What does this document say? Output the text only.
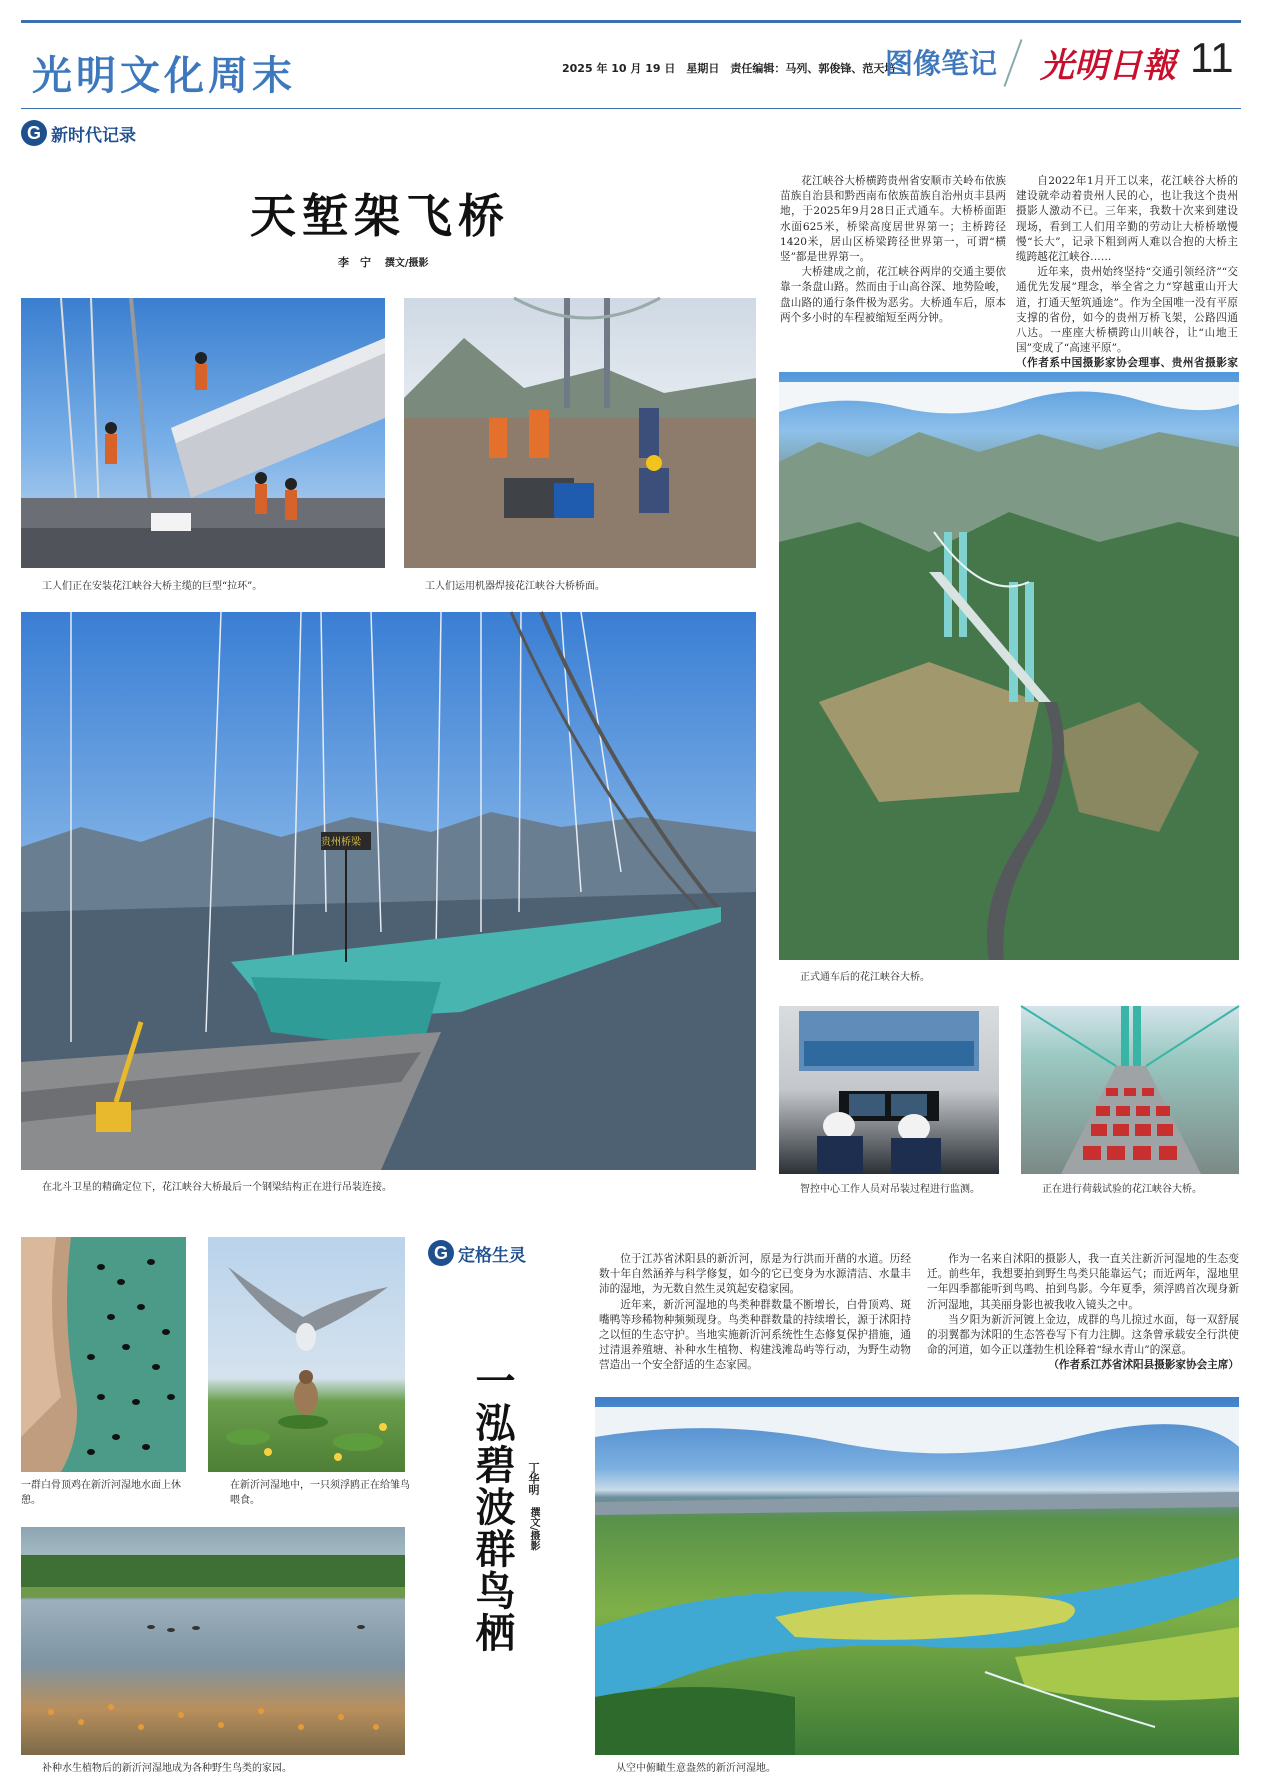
光明文化周末	2025 年 10 月 19 日　星期日　责任编辑：马列、郭俊锋、范天培
图像笔记 光明日報 11
G 新时代记录
天堑架飞桥
李　宁 撰文/摄影

花江峡谷大桥横跨贵州省安顺市关岭布依族苗族自治县和黔西南布依族苗族自治州贞丰县两地，于2025年9月28日正式通车。大桥桥面距水面625米，桥梁高度居世界第一；主桥跨径1420米，居山区桥梁跨径世界第一，可谓“横竖”都是世界第一。

大桥建成之前，花江峡谷两岸的交通主要依靠一条盘山路。然而由于山高谷深、地势险峻，盘山路的通行条件极为恶劣。大桥通车后，原本两个多小时的车程被缩短至两分钟。

自2022年1月开工以来，花江峡谷大桥的建设就牵动着贵州人民的心，也让我这个贵州摄影人激动不已。三年来，我数十次来到建设现场，看到工人们用辛勤的劳动让大桥桥墩慢慢“长大”，记录下粗到两人难以合抱的大桥主缆跨越花江峡谷……

近年来，贵州始终坚持“交通引领经济”“交通优先发展”理念，举全省之力“穿越重山开大道，打通天堑筑通途”。作为全国唯一没有平原支撑的省份，如今的贵州万桥飞架，公路四通八达。一座座大桥横跨山川峡谷，让“山地王国”变成了“高速平原”。

（作者系中国摄影家协会理事、贵州省摄影家

工人们正在安装花江峡谷大桥主缆的巨型“拉环”。	工人们运用机器焊接花江峡谷大桥桥面。
贵州桥梁
在北斗卫星的精确定位下，花江峡谷大桥最后一个钢梁结构正在进行吊装连接。
正式通车后的花江峡谷大桥。
智控中心工作人员对吊装过程进行监测。	正在进行荷载试验的花江峡谷大桥。
一群白骨顶鸡在新沂河湿地水面上休憩。
在新沂河湿地中，一只须浮鸥正在给雏鸟喂食。
G 定格生灵
一泓碧波群鸟栖 丁华明 撰文/摄影

位于江苏省沭阳县的新沂河，原是为行洪而开凿的水道。历经数十年自然涵养与科学修复，如今的它已变身为水源清洁、水量丰沛的湿地，为无数自然生灵筑起安稳家园。

近年来，新沂河湿地的鸟类种群数量不断增长，白骨顶鸡、斑嘴鸭等珍稀物种频频现身。鸟类种群数量的持续增长，源于沭阳持之以恒的生态守护。当地实施新沂河系统性生态修复保护措施，通过清退养殖塘、补种水生植物、构建浅滩岛屿等行动，为野生动物营造出一个安全舒适的生态家园。

作为一名来自沭阳的摄影人，我一直关注新沂河湿地的生态变迁。前些年，我想要拍到野生鸟类只能靠运气；而近两年，湿地里一年四季都能听到鸟鸣、拍到鸟影。今年夏季，须浮鸥首次现身新沂河湿地，其美丽身影也被我收入镜头之中。

当夕阳为新沂河镀上金边，成群的鸟儿掠过水面，每一双舒展的羽翼都为沭阳的生态答卷写下有力注脚。这条曾承载安全行洪使命的河道，如今正以蓬勃生机诠释着“绿水青山”的深意。

（作者系江苏省沭阳县摄影家协会主席）

补种水生植物后的新沂河湿地成为各种野生鸟类的家园。	从空中俯瞰生意盎然的新沂河湿地。
